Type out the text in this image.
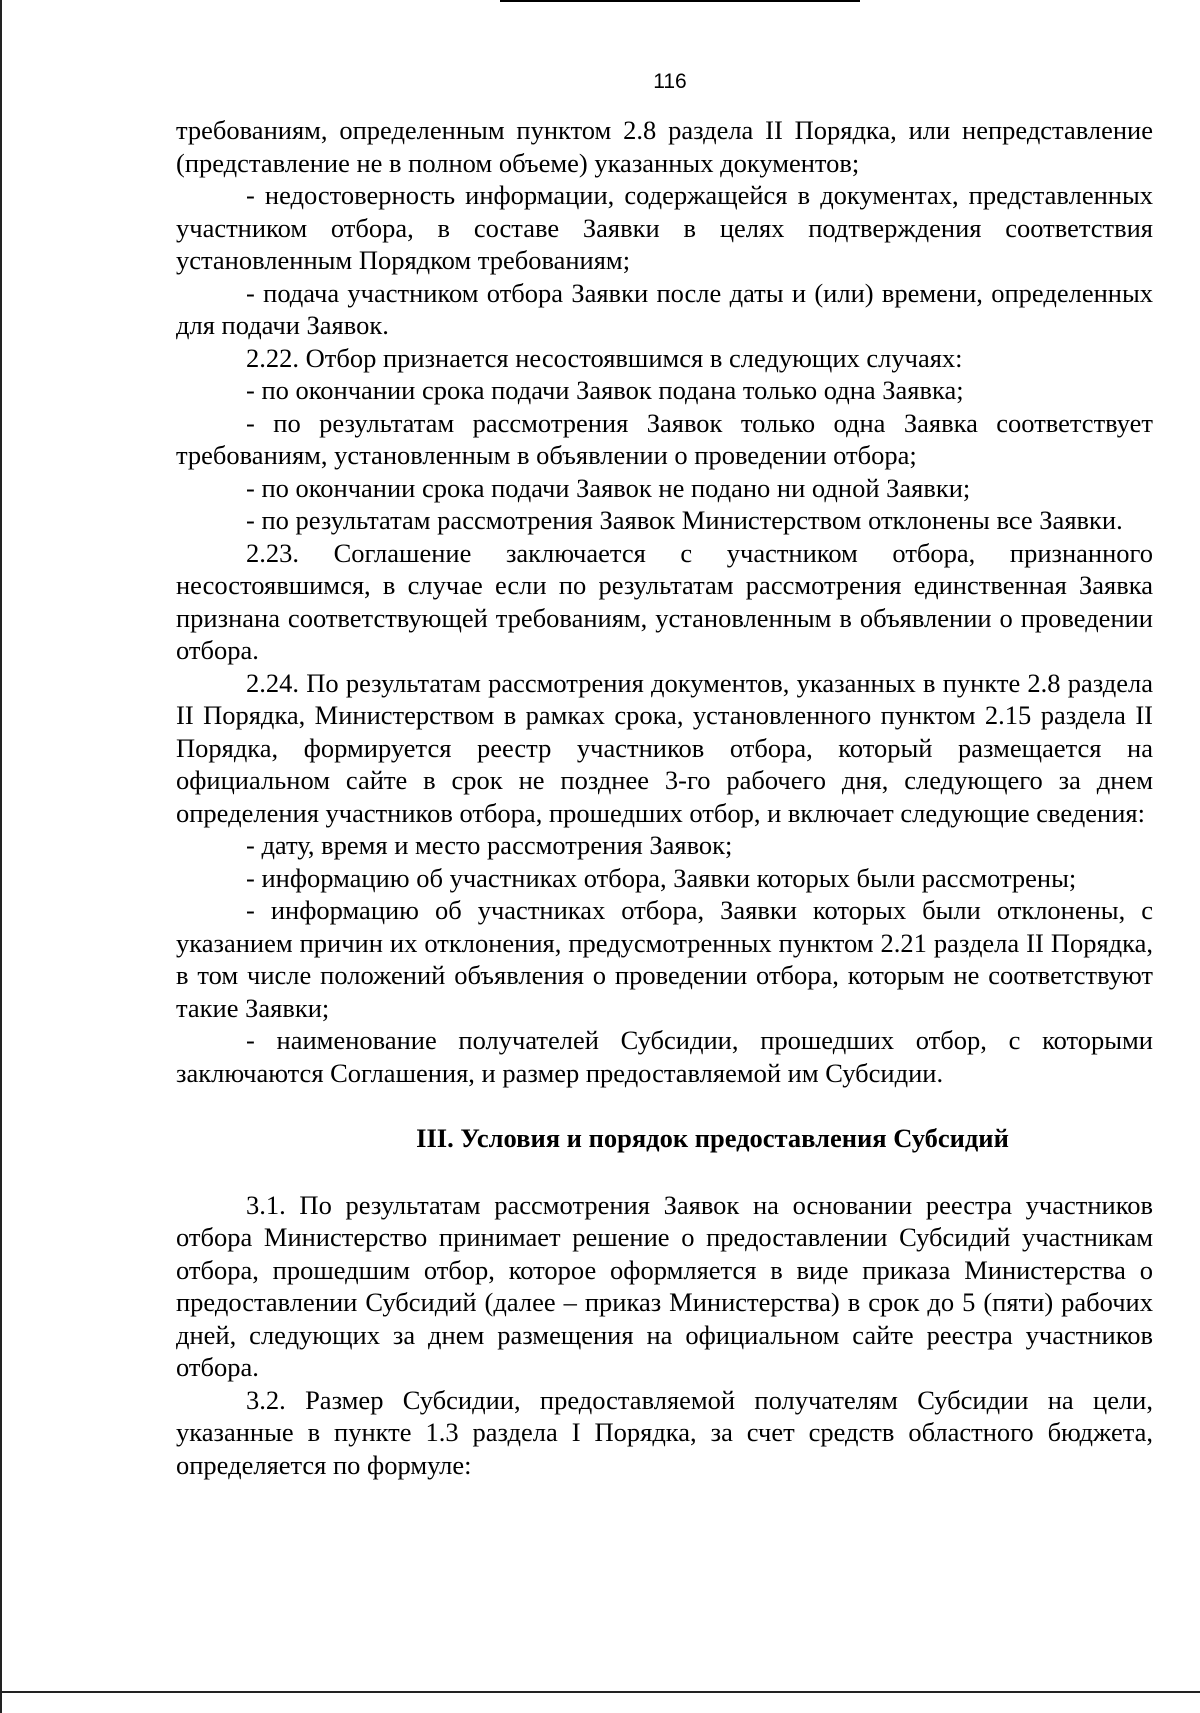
116

требованиям, определенным пунктом 2.8 раздела II Порядка, или непредставление (представление не в полном объеме) указанных документов;

- недостоверность информации, содержащейся в документах, представленных участником отбора, в составе Заявки в целях подтверждения соответствия установленным Порядком требованиям;

- подача участником отбора Заявки после даты и (или) времени, определенных для подачи Заявок.

2.22. Отбор признается несостоявшимся в следующих случаях:

- по окончании срока подачи Заявок подана только одна Заявка;

- по результатам рассмотрения Заявок только одна Заявка соответствует требованиям, установленным в объявлении о проведении отбора;

- по окончании срока подачи Заявок не подано ни одной Заявки;

- по результатам рассмотрения Заявок Министерством отклонены все Заявки.

2.23. Соглашение заключается с участником отбора, признанного несостоявшимся, в случае если по результатам рассмотрения единственная Заявка признана соответствующей требованиям, установленным в объявлении о проведении отбора.

2.24. По результатам рассмотрения документов, указанных в пункте 2.8 раздела II Порядка, Министерством в рамках срока, установленного пунктом 2.15 раздела II Порядка, формируется реестр участников отбора, который размещается на официальном сайте в срок не позднее 3-го рабочего дня, следующего за днем определения участников отбора, прошедших отбор, и включает следующие сведения:

- дату, время и место рассмотрения Заявок;

- информацию об участниках отбора, Заявки которых были рассмотрены;

- информацию об участниках отбора, Заявки которых были отклонены, с указанием причин их отклонения, предусмотренных пунктом 2.21 раздела II Порядка, в том числе положений объявления о проведении отбора, которым не соответствуют такие Заявки;

- наименование получателей Субсидии, прошедших отбор, с которыми заключаются Соглашения, и размер предоставляемой им Субсидии.

III. Условия и порядок предоставления Субсидий

3.1. По результатам рассмотрения Заявок на основании реестра участников отбора Министерство принимает решение о предоставлении Субсидий участникам отбора, прошедшим отбор, которое оформляется в виде приказа Министерства о предоставлении Субсидий (далее – приказ Министерства) в срок до 5 (пяти) рабочих дней, следующих за днем размещения на официальном сайте реестра участников отбора.

3.2. Размер Субсидии, предоставляемой получателям Субсидии на цели, указанные в пункте 1.3 раздела I Порядка, за счет средств областного бюджета, определяется по формуле:
